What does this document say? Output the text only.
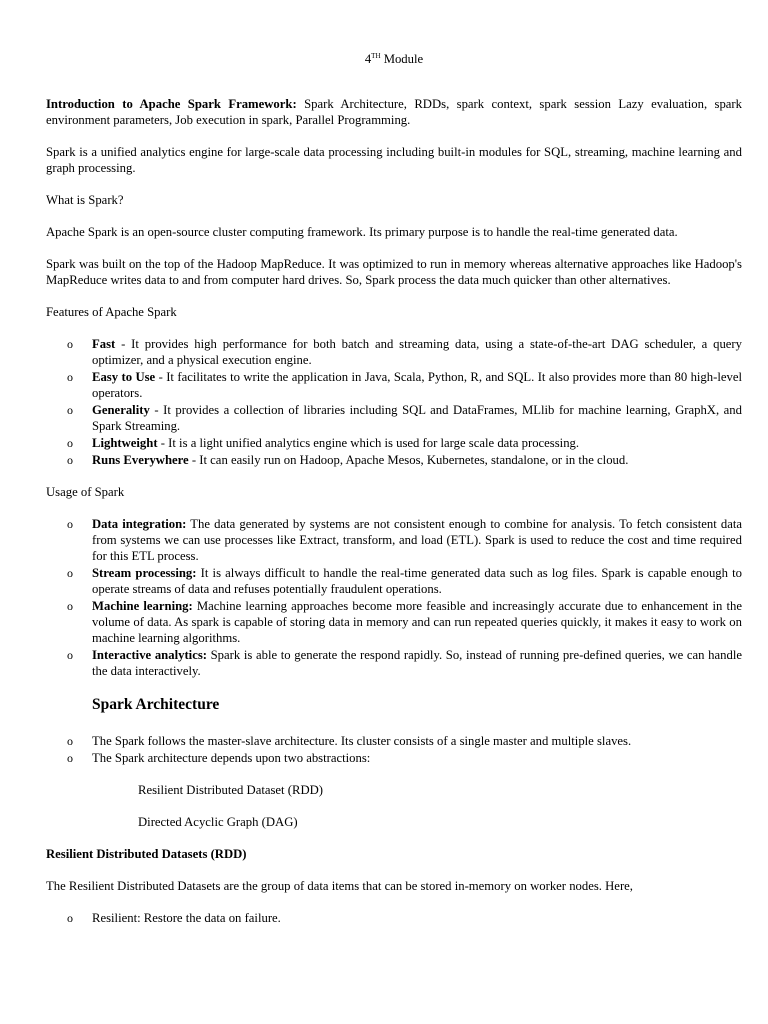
4TH Module

Introduction to Apache Spark Framework: Spark Architecture, RDDs, spark context, spark session Lazy evaluation, spark environment parameters, Job execution in spark, Parallel Programming.

Spark is a unified analytics engine for large-scale data processing including built-in modules for SQL, streaming, machine learning and graph processing.

What is Spark?

Apache Spark is an open-source cluster computing framework. Its primary purpose is to handle the real-time generated data.

Spark was built on the top of the Hadoop MapReduce. It was optimized to run in memory whereas alternative approaches like Hadoop's MapReduce writes data to and from computer hard drives. So, Spark process the data much quicker than other alternatives.

Features of Apache Spark

o Fast - It provides high performance for both batch and streaming data, using a state-of-the-art DAG scheduler, a query optimizer, and a physical execution engine.
o Easy to Use - It facilitates to write the application in Java, Scala, Python, R, and SQL. It also provides more than 80 high-level operators.
o Generality - It provides a collection of libraries including SQL and DataFrames, MLlib for machine learning, GraphX, and Spark Streaming.
o Lightweight - It is a light unified analytics engine which is used for large scale data processing.
o Runs Everywhere - It can easily run on Hadoop, Apache Mesos, Kubernetes, standalone, or in the cloud.

Usage of Spark

o Data integration: The data generated by systems are not consistent enough to combine for analysis. To fetch consistent data from systems we can use processes like Extract, transform, and load (ETL). Spark is used to reduce the cost and time required for this ETL process.
o Stream processing: It is always difficult to handle the real-time generated data such as log files. Spark is capable enough to operate streams of data and refuses potentially fraudulent operations.
o Machine learning: Machine learning approaches become more feasible and increasingly accurate due to enhancement in the volume of data. As spark is capable of storing data in memory and can run repeated queries quickly, it makes it easy to work on machine learning algorithms.
o Interactive analytics: Spark is able to generate the respond rapidly. So, instead of running pre-defined queries, we can handle the data interactively.
Spark Architecture
o The Spark follows the master-slave architecture. Its cluster consists of a single master and multiple slaves.
o The Spark architecture depends upon two abstractions:
Resilient Distributed Dataset (RDD)
Directed Acyclic Graph (DAG)
Resilient Distributed Datasets (RDD)

The Resilient Distributed Datasets are the group of data items that can be stored in-memory on worker nodes. Here,

o Resilient: Restore the data on failure.
